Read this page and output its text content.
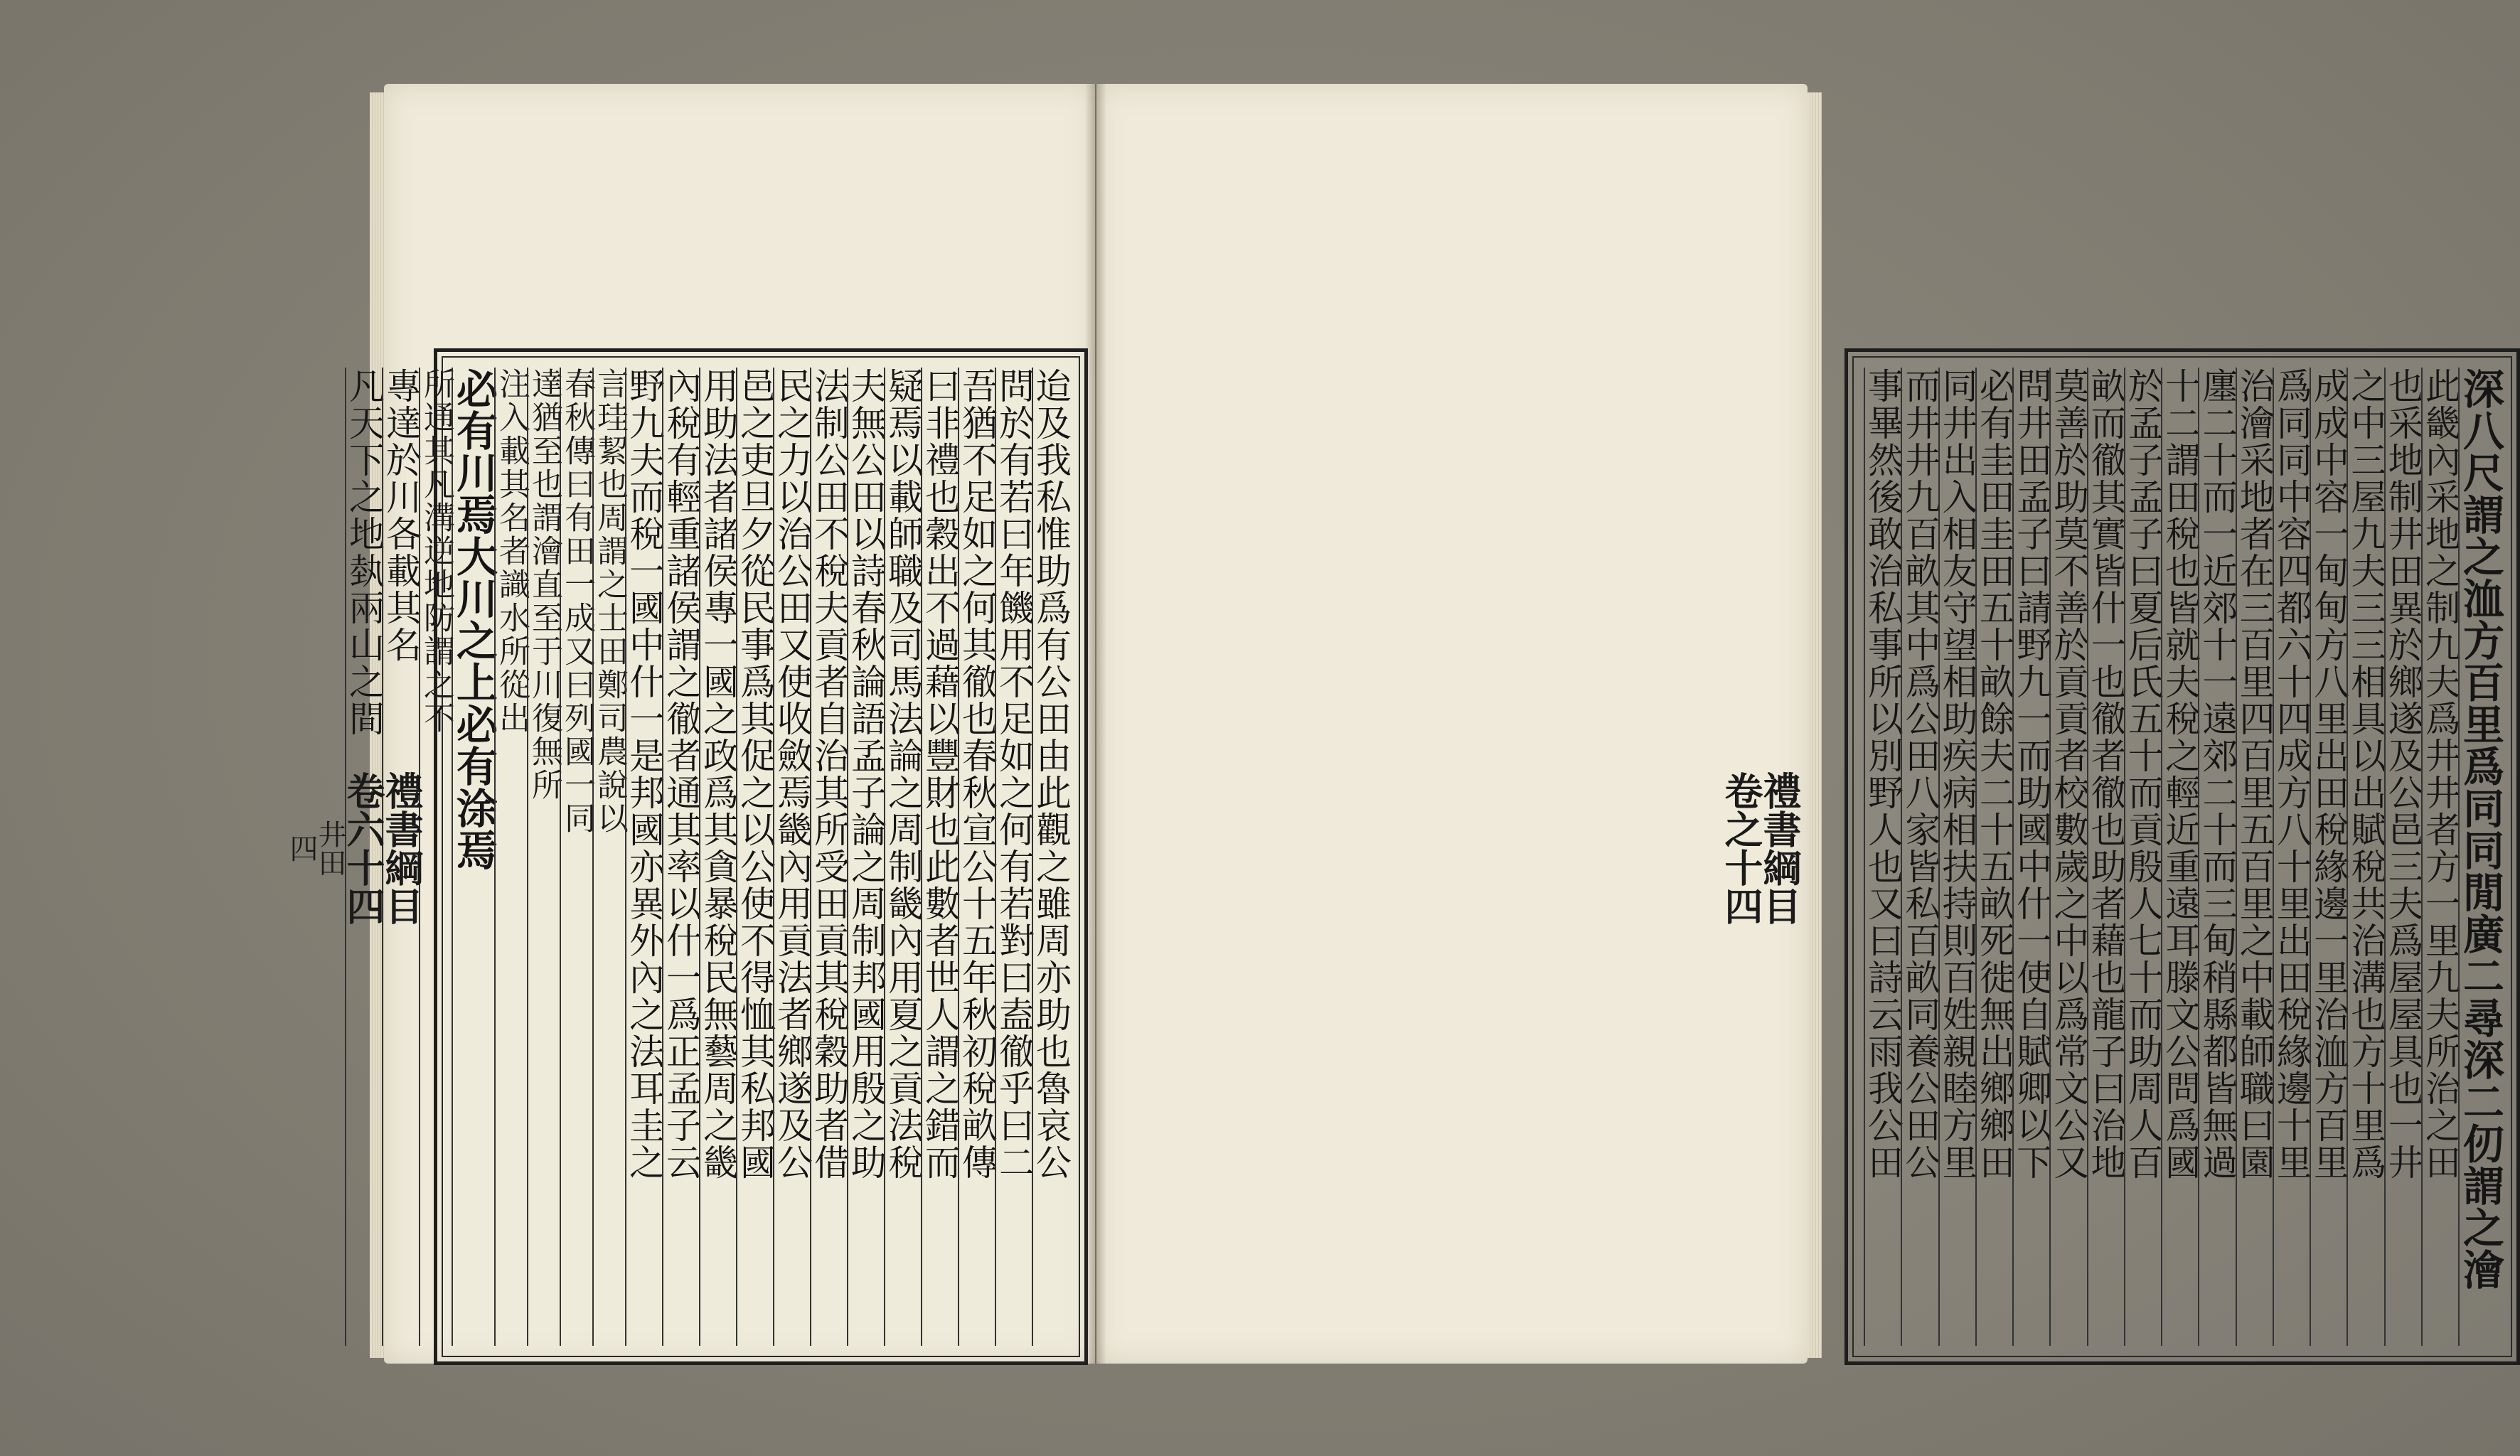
迨及我私惟助爲有公田由此觀之雖周亦助也魯哀公
問於有若曰年饑用不足如之何有若對曰盍徹乎曰二
吾猶不足如之何其徹也春秋宣公十五年秋初稅畝傳
曰非禮也穀出不過藉以豐財也此數者世人謂之錯而
疑焉以載師職及司馬法論之周制畿內用夏之貢法稅
夫無公田以詩春秋論語孟子論之周制邦國用殷之助
法制公田不稅夫貢者自治其所受田貢其稅穀助者借
民之力以治公田又使收斂焉畿內用貢法者鄉遂及公
邑之吏旦夕從民事爲其促之以公使不得恤其私邦國
用助法者諸侯專一國之政爲其貪暴稅民無藝周之畿
內稅有輕重諸侯謂之徹者通其率以什一爲正孟子云
野九夫而稅一國中什一是邦國亦異外內之法耳圭之
言珪絜也周謂之士田鄭司農說以
春秋傳曰有田一成又曰列國一同
達猶至也謂澮直至于川復無所
注入載其名者識水所從出
必有川焉大川之上必有涂焉
所通其凡溝逆地防謂之不
專達於川各載其名
凡天下之地埶兩山之間	深八尺謂之洫方百里爲同同閒廣二尋深二仞謂之澮
此畿內采地之制九夫爲井井者方一里九夫所治之田
也采地制井田異於鄉遂及公邑三夫爲屋屋具也一井
之中三屋九夫三三相具以出賦稅共治溝也方十里爲
成成中容一甸甸方八里出田稅緣邊一里治洫方百里
爲同同中容四都六十四成方八十里出田稅緣邊十里
治澮采地者在三百里四百里五百里之中載師職曰園
廛二十而一近郊十一遠郊二十而三甸稍縣都皆無過
十二謂田稅也皆就夫稅之輕近重遠耳滕文公問爲國
於孟子孟子曰夏后氏五十而貢殷人七十而助周人百
畝而徹其實皆什一也徹者徹也助者藉也龍子曰治地
莫善於助莫不善於貢貢者校數歲之中以爲常文公又
問井田孟子曰請野九一而助國中什一使自賦卿以下
必有圭田圭田五十畝餘夫二十五畝死徙無出鄉鄉田
同井出入相友守望相助疾病相扶持則百姓親睦方里
而井井九百畝其中爲公田八家皆私百畝同養公田公
事畢然後敢治私事所以別野人也又曰詩云雨我公田
禮書綱目
卷六十四
井田
四	禮書綱目
卷之十四
